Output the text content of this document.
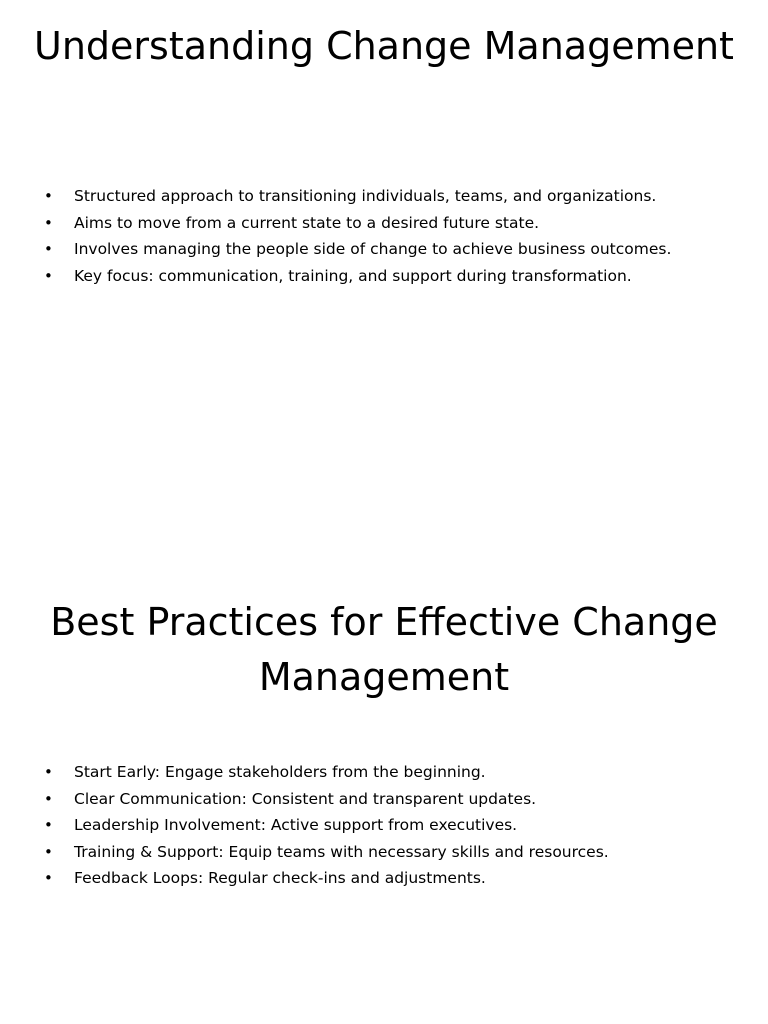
Understanding Change Management
• Structured approach to transitioning individuals, teams, and organizations.
• Aims to move from a current state to a desired future state.
• Involves managing the people side of change to achieve business outcomes.
• Key focus: communication, training, and support during transformation.
Best Practices for Effective Change Management
• Start Early: Engage stakeholders from the beginning.
• Clear Communication: Consistent and transparent updates.
• Leadership Involvement: Active support from executives.
• Training & Support: Equip teams with necessary skills and resources.
• Feedback Loops: Regular check-ins and adjustments.
